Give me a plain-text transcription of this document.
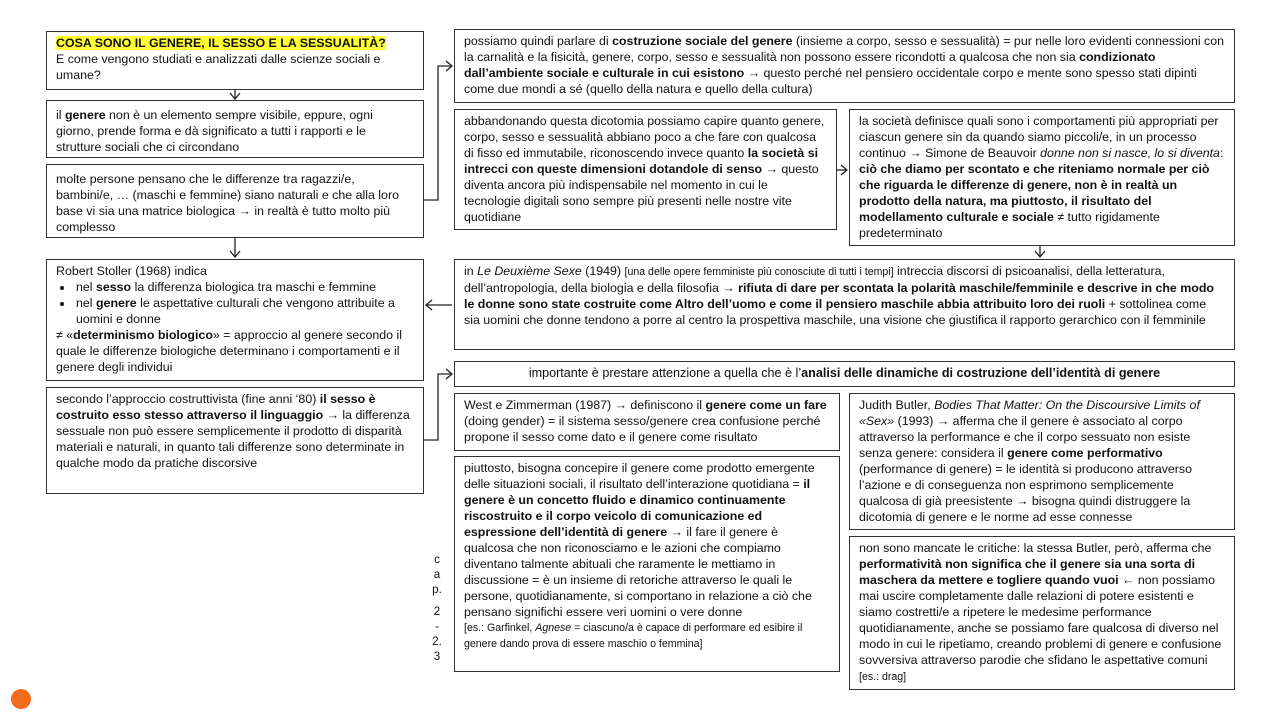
COSA SONO IL GENERE, IL SESSO E LA SESSUALITÀ?
E come vengono studiati e analizzati dalle scienze sociali e umane?
il genere non è un elemento sempre visibile, eppure, ogni giorno, prende forma e dà significato a tutti i rapporti e le strutture sociali che ci circondano
molte persone pensano che le differenze tra ragazzi/e, bambini/e, … (maschi e femmine) siano naturali e che alla loro base vi sia una matrice biologica → in realtà è tutto molto più complesso
Robert Stoller (1968) indica
• nel sesso la differenza biologica tra maschi e femmine
• nel genere le aspettative culturali che vengono attribuite a uomini e donne
≠ «determinismo biologico» = approccio al genere secondo il quale le differenze biologiche determinano i comportamenti e il genere degli individui
secondo l’approccio costruttivista (fine anni ‘80) il sesso è costruito esso stesso attraverso il linguaggio → la differenza sessuale non può essere semplicemente il prodotto di disparità materiali e naturali, in quanto tali differenze sono determinate in qualche modo da pratiche discorsive
possiamo quindi parlare di costruzione sociale del genere (insieme a corpo, sesso e sessualità) = pur nelle loro evidenti connessioni con la carnalità e la fisicità, genere, corpo, sesso e sessualità non possono essere ricondotti a qualcosa che non sia condizionato dall’ambiente sociale e culturale in cui esistono → questo perché nel pensiero occidentale corpo e mente sono spesso stati dipinti come due mondi a sé (quello della natura e quello della cultura)
abbandonando questa dicotomia possiamo capire quanto genere, corpo, sesso e sessualità abbiano poco a che fare con qualcosa di fisso ed immutabile, riconoscendo invece quanto la società si intrecci con queste dimensioni dotandole di senso → questo diventa ancora più indispensabile nel momento in cui le tecnologie digitali sono sempre più presenti nelle nostre vite quotidiane
la società definisce quali sono i comportamenti più appropriati per ciascun genere sin da quando siamo piccoli/e, in un processo continuo → Simone de Beauvoir donne non si nasce, lo si diventa: ciò che diamo per scontato e che riteniamo normale per ciò che riguarda le differenze di genere, non è in realtà un prodotto della natura, ma piuttosto, il risultato del modellamento culturale e sociale ≠ tutto rigidamente predeterminato
in Le Deuxième Sexe (1949) [una delle opere femministe più conosciute di tutti i tempi] intreccia discorsi di psicoanalisi, della letteratura, dell’antropologia, della biologia e della filosofia → rifiuta di dare per scontata la polarità maschile/femminile e descrive in che modo le donne sono state costruite come Altro dell’uomo e come il pensiero maschile abbia attribuito loro dei ruoli + sottolinea come sia uomini che donne tendono a porre al centro la prospettiva maschile, una visione che giustifica il rapporto gerarchico con il femminile
importante è prestare attenzione a quella che è l’analisi delle dinamiche di costruzione dell’identità di genere
West e Zimmerman (1987) → definiscono il genere come un fare (doing gender) = il sistema sesso/genere crea confusione perché propone il sesso come dato e il genere come risultato
piuttosto, bisogna concepire il genere come prodotto emergente delle situazioni sociali, il risultato dell’interazione quotidiana = il genere è un concetto fluido e dinamico continuamente riscostruito e il corpo veicolo di comunicazione ed espressione dell’identità di genere → il fare il genere è qualcosa che non riconosciamo e le azioni che compiamo diventano talmente abituali che raramente le mettiamo in discussione = è un insieme di retoriche attraverso le quali le persone, quotidianamente, si comportano in relazione a ciò che pensano significhi essere veri uomini o vere donne
[es.: Garfinkel, Agnese = ciascuno/a è capace di performare ed esibire il genere dando prova di essere maschio o femmina]
Judith Butler, Bodies That Matter: On the Discoursive Limits of «Sex» (1993) → afferma che il genere è associato al corpo attraverso la performance e che il corpo sessuato non esiste senza genere: considera il genere come performativo (performance di genere) = le identità si producono attraverso l’azione e di conseguenza non esprimono semplicemente qualcosa di già preesistente → bisogna quindi distruggere la dicotomia di genere e le norme ad esse connesse
non sono mancate le critiche: la stessa Butler, però, afferma che performatività non significa che il genere sia una sorta di maschera da mettere e togliere quando vuoi ← non possiamo mai uscire completamente dalle relazioni di potere esistenti e siamo costretti/e a ripetere le medesime performance quotidianamente, anche se possiamo fare qualcosa di diverso nel modo in cui le ripetiamo, creando problemi di genere e confusione sovversiva attraverso parodie che sfidano le aspettative comuni [es.: drag]
c
a
p.
2
-
2.
3
